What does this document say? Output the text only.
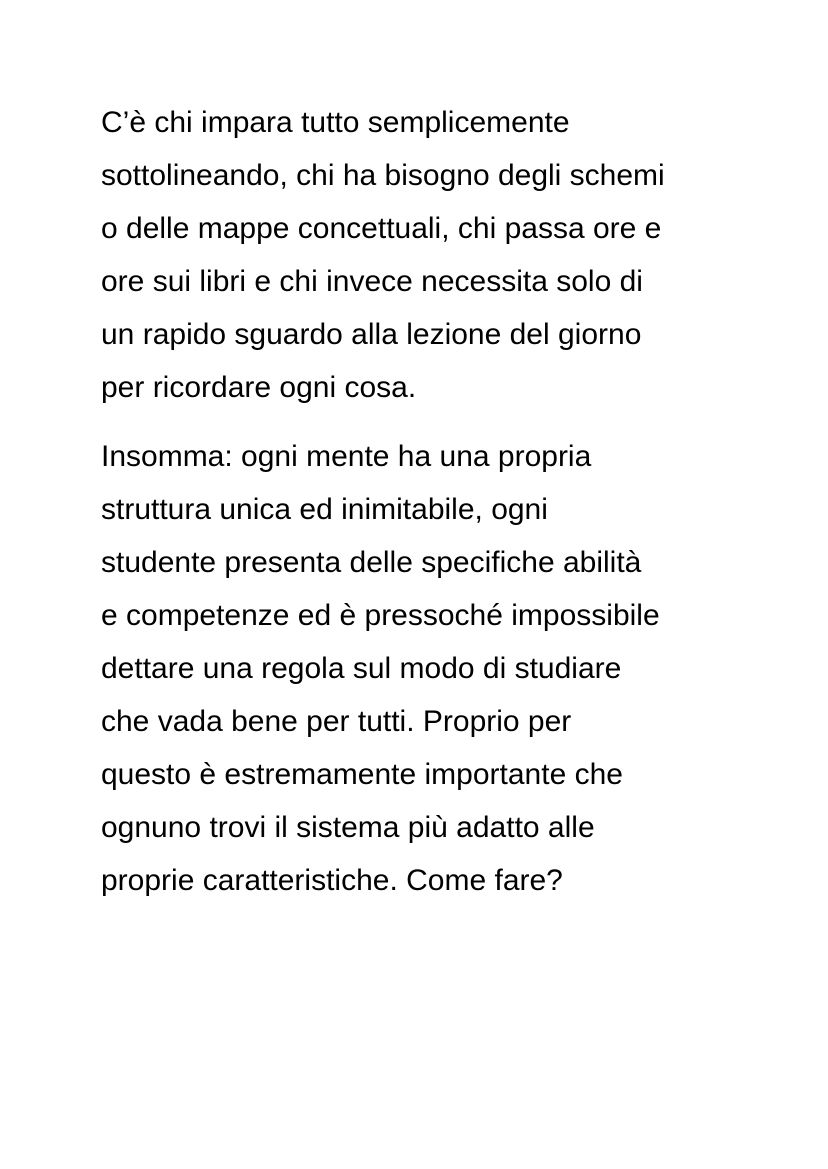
C’è chi impara tutto semplicemente
sottolineando, chi ha bisogno degli schemi
o delle mappe concettuali, chi passa ore e
ore sui libri e chi invece necessita solo di
un rapido sguardo alla lezione del giorno
per ricordare ogni cosa.

Insomma: ogni mente ha una propria
struttura unica ed inimitabile, ogni
studente presenta delle specifiche abilità
e competenze ed è pressoché impossibile
dettare una regola sul modo di studiare
che vada bene per tutti. Proprio per
questo è estremamente importante che
ognuno trovi il sistema più adatto alle
proprie caratteristiche. Come fare?
